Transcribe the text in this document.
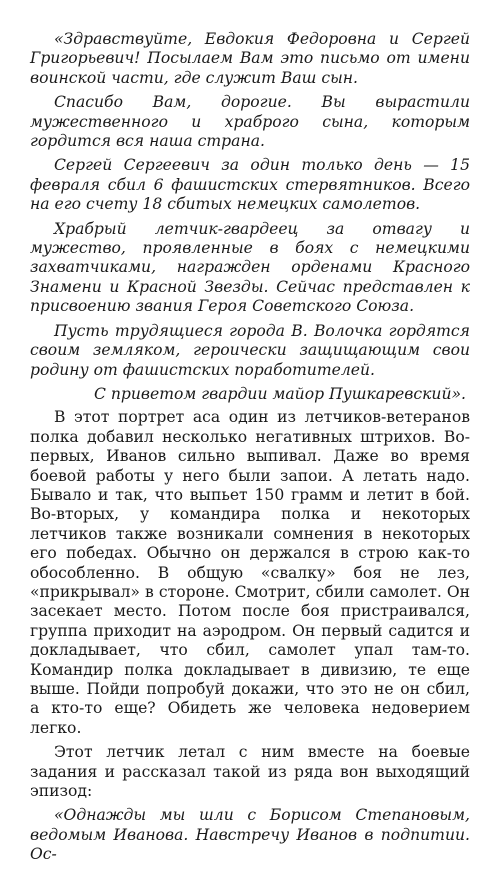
«Здравствуйте, Евдокия Федоровна и Сергей Григорьевич! Посылаем Вам это письмо от имени воинской части, где служит Ваш сын.

Спасибо Вам, дорогие. Вы вырастили мужественного и храброго сына, которым гордится вся наша страна.

Сергей Сергеевич за один только день — 15 февраля сбил 6 фашистских стервятников. Всего на его счету 18 сбитых немецких самолетов.

Храбрый летчик-гвардеец за отвагу и мужество, проявленные в боях с немецкими захватчиками, награжден орденами Красного Знамени и Красной Звезды. Сейчас представлен к присвоению звания Героя Советского Союза.

Пусть трудящиеся города В. Волочка гордятся своим земляком, героически защищающим свои родину от фашистских поработителей.

С приветом гвардии майор Пушкаревский».

В этот портрет аса один из летчиков-ветеранов полка добавил несколько негативных штрихов. Во-первых, Иванов сильно выпивал. Даже во время боевой работы у него были запои. А летать надо. Бывало и так, что выпьет 150 грамм и летит в бой. Во-вторых, у командира полка и некоторых летчиков также возникали сомнения в некоторых его победах. Обычно он держался в строю как-то обособленно. В общую «свалку» боя не лез, «прикрывал» в стороне. Смотрит, сбили самолет. Он засекает место. Потом после боя пристраивался, группа приходит на аэродром. Он первый садится и докладывает, что сбил, самолет упал там-то. Командир полка докладывает в дивизию, те еще выше. Пойди попробуй докажи, что это не он сбил, а кто-то еще? Обидеть же человека недоверием легко.

Этот летчик летал с ним вместе на боевые задания и рассказал такой из ряда вон выходящий эпизод:

«Однажды мы шли с Борисом Степановым, ведомым Иванова. Навстречу Иванов в подпитии. Ос-
